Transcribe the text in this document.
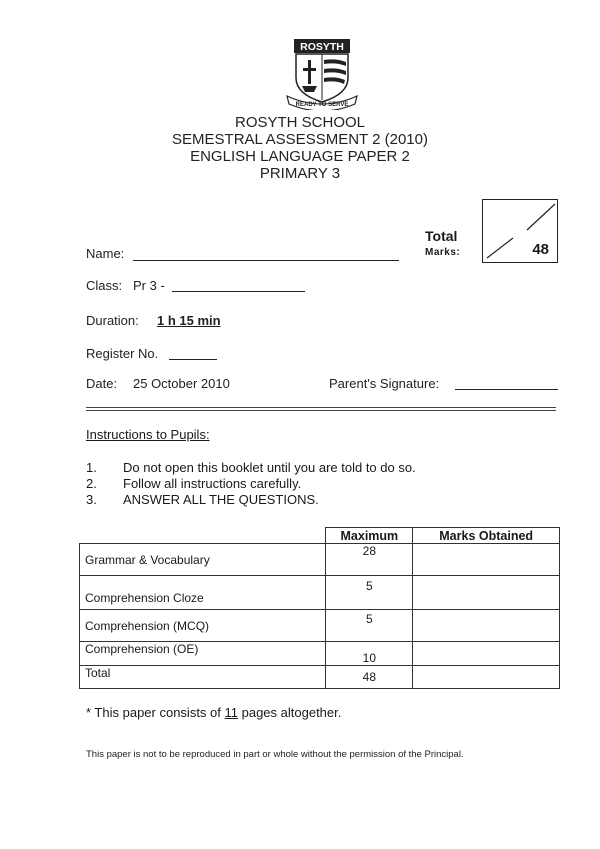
ROSYTH
READY TO SERVE
ROSYTH SCHOOL
SEMESTRAL ASSESSMENT 2 (2010)
ENGLISH LANGUAGE PAPER 2
PRIMARY 3
Total
Marks:	48
Name:
Class: Pr 3 -
Duration: 1 h 15 min
Register No.
Date: 25 October 2010	Parent's Signature:
Instructions to Pupils:
1.	Do not open this booklet until you are told to do so.
2.	Follow all instructions carefully.
3.	ANSWER ALL THE QUESTIONS.
	Maximum	Marks Obtained
Grammar & Vocabulary	28	
Comprehension Cloze	5	
Comprehension (MCQ)	5	
Comprehension (OE)	10	
Total	48	
* This paper consists of 11 pages altogether.
This paper is not to be reproduced in part or whole without the permission of the Principal.
